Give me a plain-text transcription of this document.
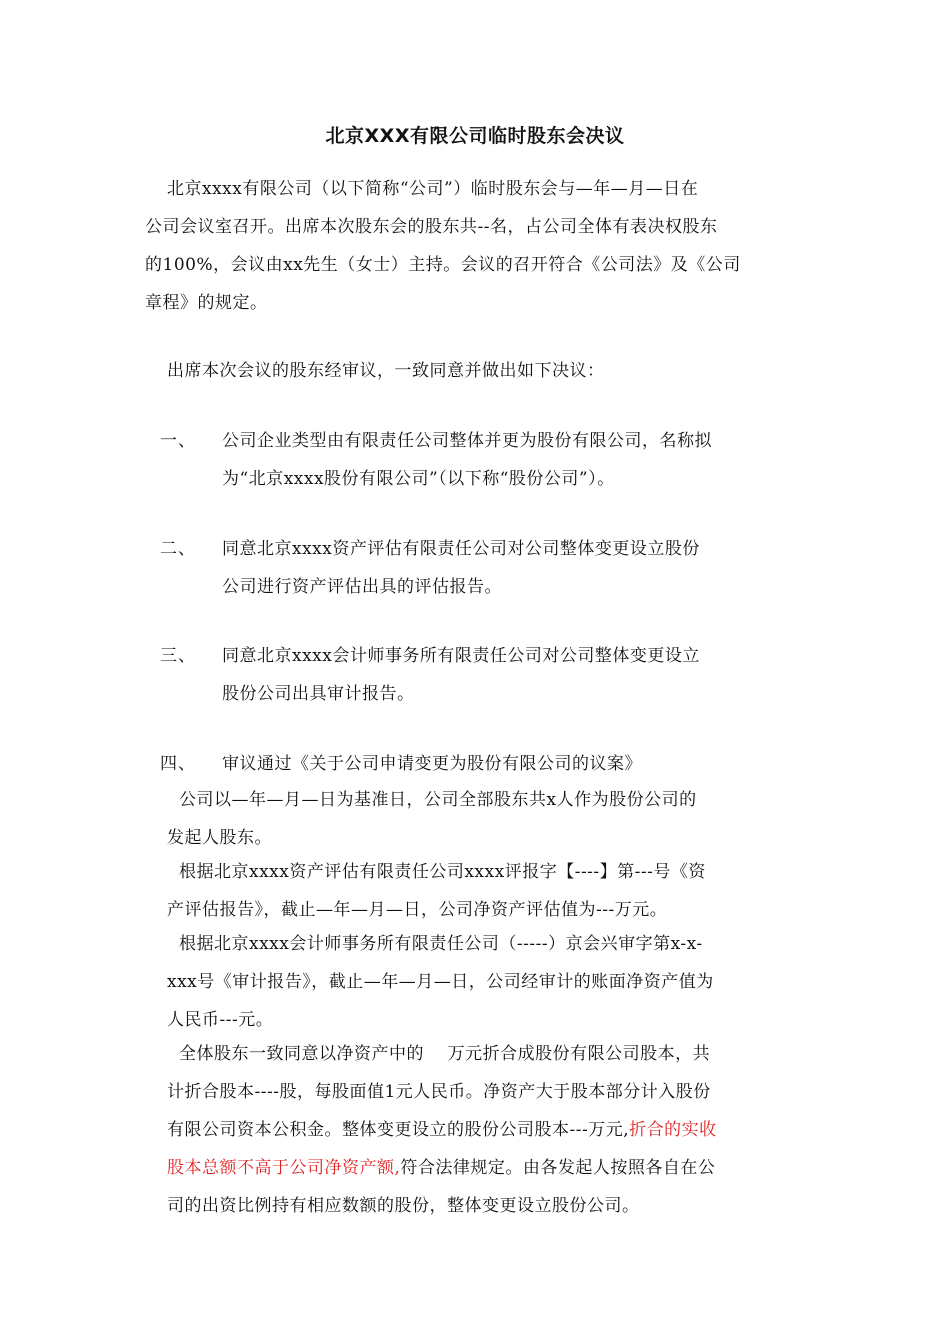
北京XXX有限公司临时股东会决议
北京xxxx有限公司（以下简称“公司”）临时股东会与—年—月—日在
公司会议室召开。出席本次股东会的股东共--名，占公司全体有表决权股东
的100%，会议由xx先生（女士）主持。会议的召开符合《公司法》及《公司
章程》的规定。
出席本次会议的股东经审议，一致同意并做出如下决议：
一、 公司企业类型由有限责任公司整体并更为股份有限公司，名称拟
为“北京xxxx股份有限公司”（以下称“股份公司”）。
二、 同意北京xxxx资产评估有限责任公司对公司整体变更设立股份
公司进行资产评估出具的评估报告。
三、 同意北京xxxx会计师事务所有限责任公司对公司整体变更设立
股份公司出具审计报告。
四、 审议通过《关于公司申请变更为股份有限公司的议案》
公司以—年—月—日为基准日，公司全部股东共x人作为股份公司的
发起人股东。
根据北京xxxx资产评估有限责任公司xxxx评报字【----】第---号《资
产评估报告》，截止—年—月—日，公司净资产评估值为---万元。
根据北京xxxx会计师事务所有限责任公司（-----）京会兴审字第x-x-
xxx号《审计报告》，截止—年—月—日，公司经审计的账面净资产值为
人民币---元。
全体股东一致同意以净资产中的    万元折合成股份有限公司股本，共
计折合股本----股，每股面值1元人民币。净资产大于股本部分计入股份
有限公司资本公积金。整体变更设立的股份公司股本---万元,折合的实收
股本总额不高于公司净资产额,符合法律规定。由各发起人按照各自在公
司的出资比例持有相应数额的股份，整体变更设立股份公司。
